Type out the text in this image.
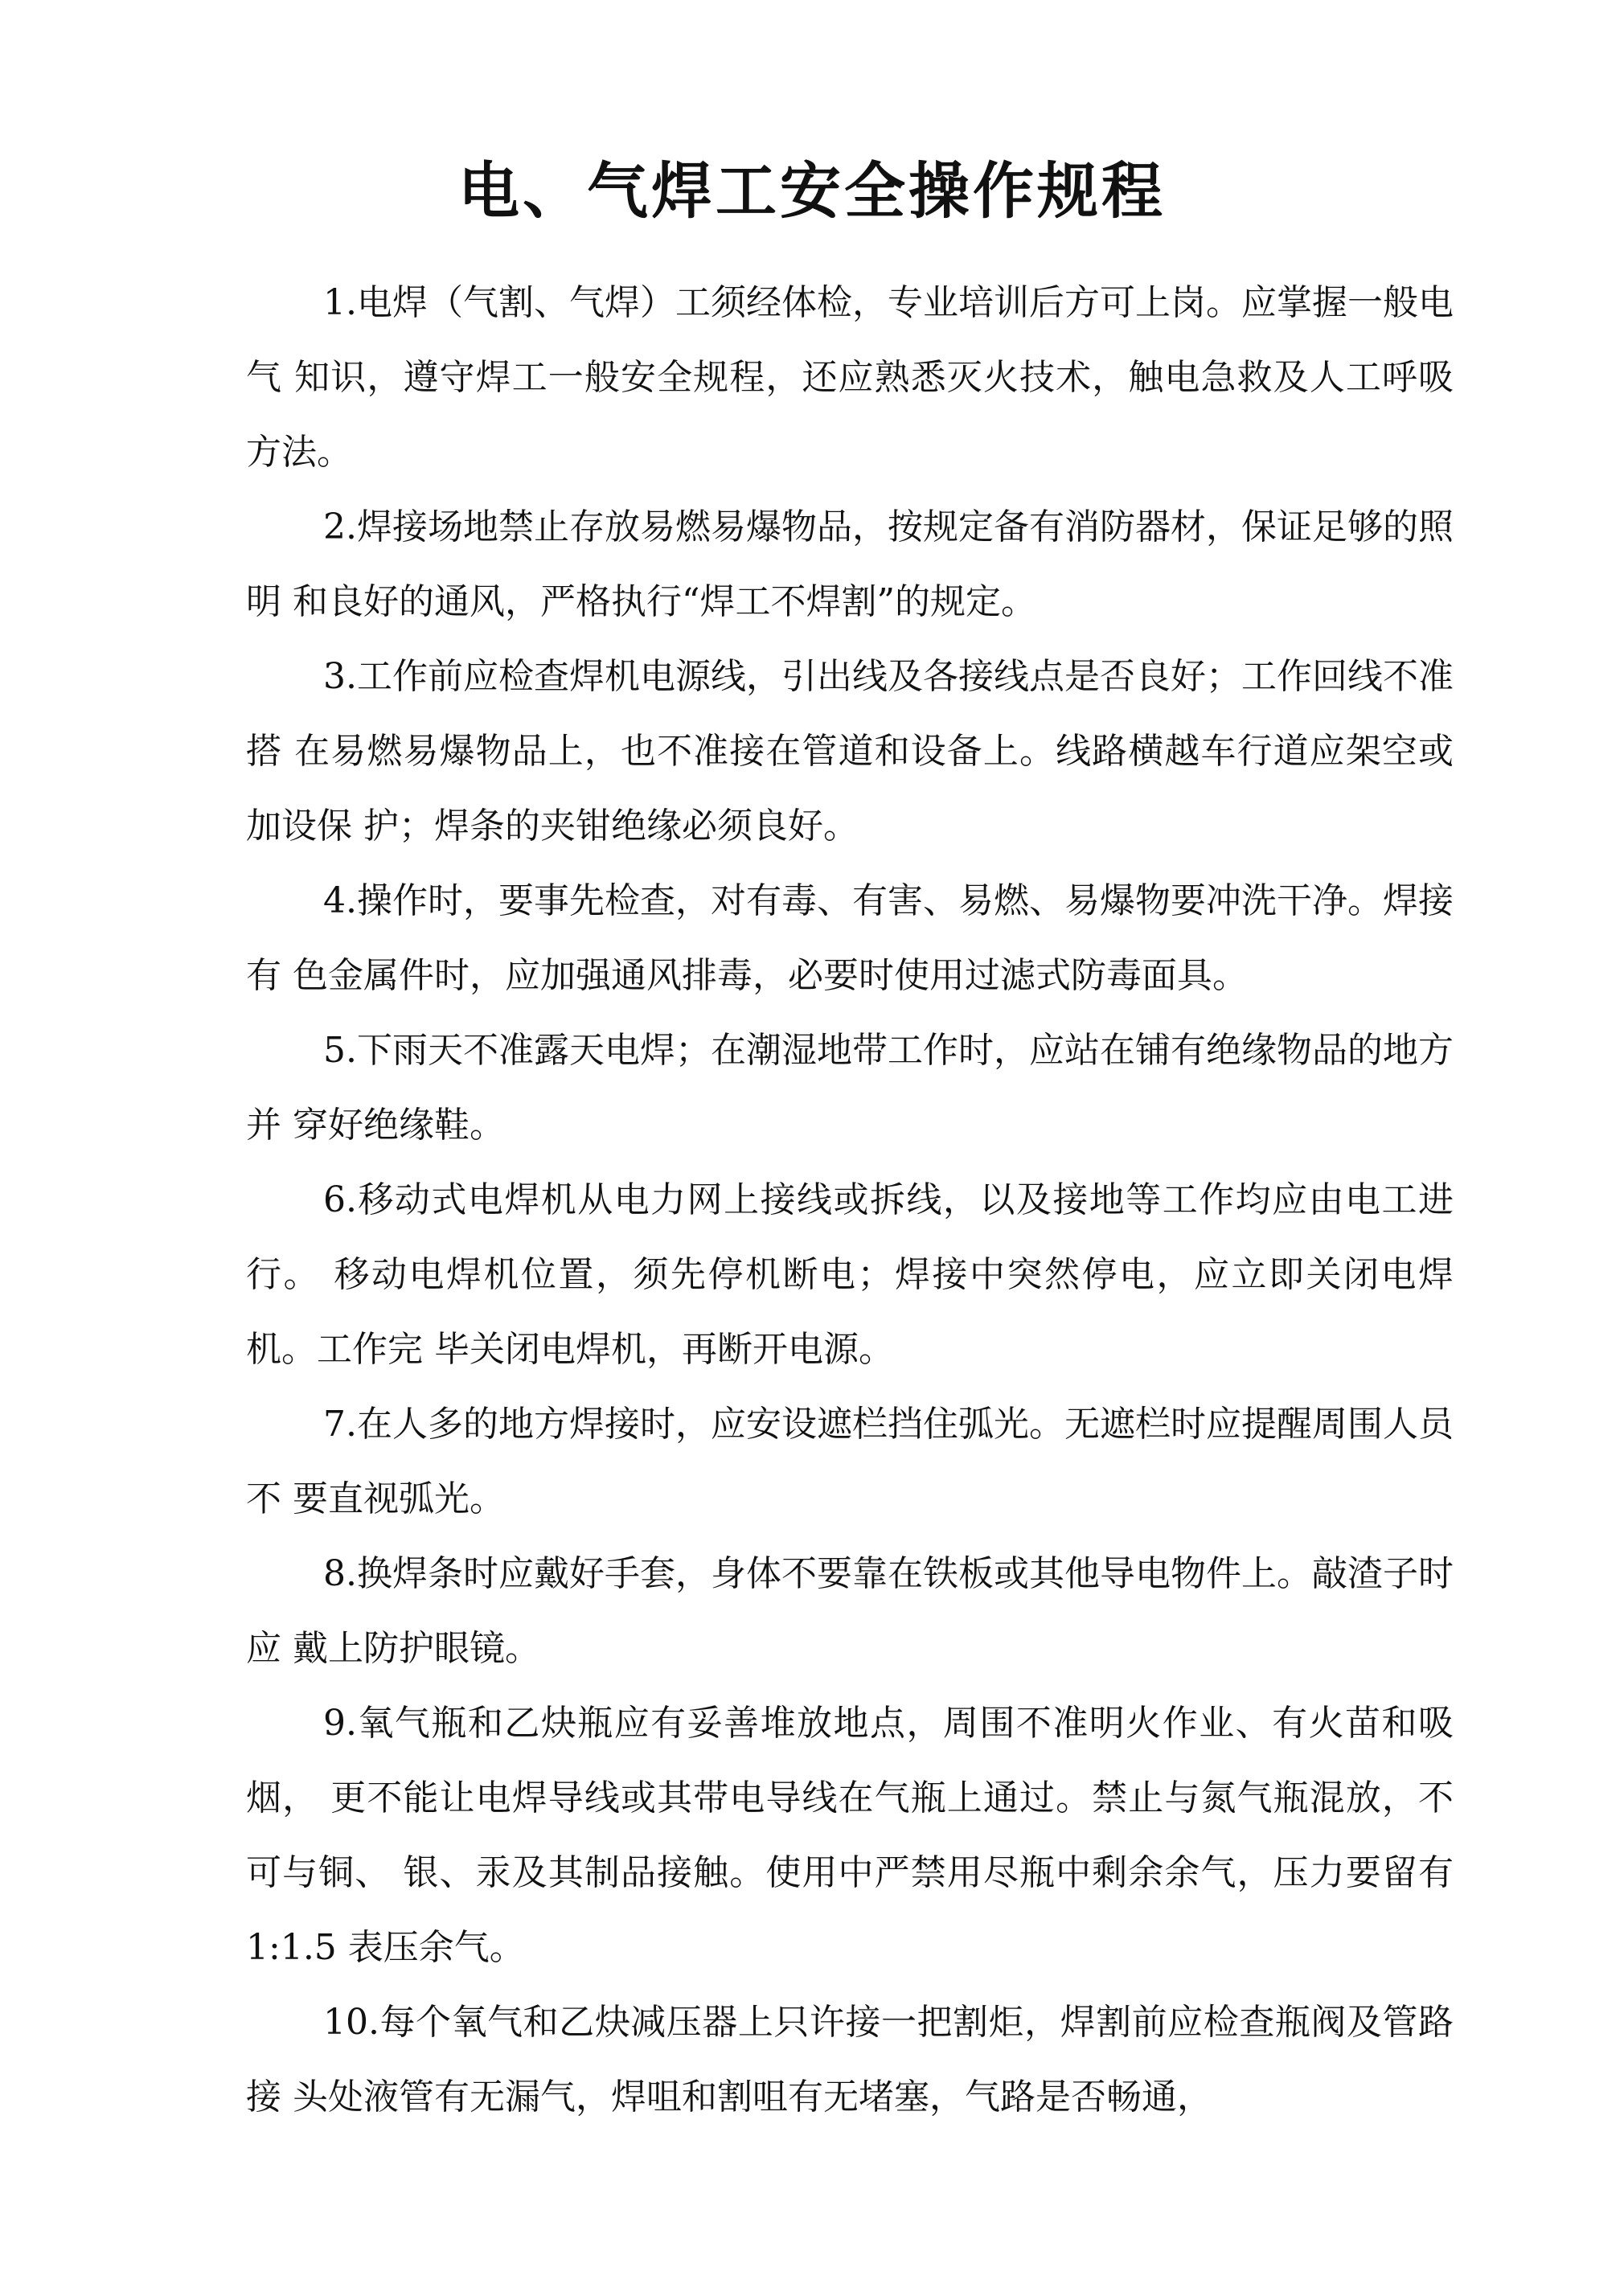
电、气焊工安全操作规程

1.电焊（气割、气焊）工须经体检，专业培训后方可上岗。应掌握一般电气 知识，遵守焊工一般安全规程，还应熟悉灭火技术，触电急救及人工呼吸方法。

2.焊接场地禁止存放易燃易爆物品，按规定备有消防器材，保证足够的照明 和良好的通风，严格执行“焊工不焊割”的规定。

3.工作前应检查焊机电源线，引出线及各接线点是否良好；工作回线不准搭 在易燃易爆物品上，也不准接在管道和设备上。线路横越车行道应架空或加设保 护；焊条的夹钳绝缘必须良好。

4.操作时，要事先检查，对有毒、有害、易燃、易爆物要冲洗干净。焊接有 色金属件时，应加强通风排毒，必要时使用过滤式防毒面具。

5.下雨天不准露天电焊；在潮湿地带工作时，应站在铺有绝缘物品的地方并 穿好绝缘鞋。

6.移动式电焊机从电力网上接线或拆线，以及接地等工作均应由电工进行。 移动电焊机位置，须先停机断电；焊接中突然停电，应立即关闭电焊机。工作完 毕关闭电焊机，再断开电源。

7.在人多的地方焊接时，应安设遮栏挡住弧光。无遮栏时应提醒周围人员不 要直视弧光。

8.换焊条时应戴好手套，身体不要靠在铁板或其他导电物件上。敲渣子时应 戴上防护眼镜。

9.氧气瓶和乙炔瓶应有妥善堆放地点，周围不准明火作业、有火苗和吸烟， 更不能让电焊导线或其带电导线在气瓶上通过。禁止与氮气瓶混放，不可与铜、 银、汞及其制品接触。使用中严禁用尽瓶中剩余余气，压力要留有 1:1.5 表压余气。

10.每个氧气和乙炔减压器上只许接一把割炬，焊割前应检查瓶阀及管路接 头处液管有无漏气，焊咀和割咀有无堵塞，气路是否畅通，
